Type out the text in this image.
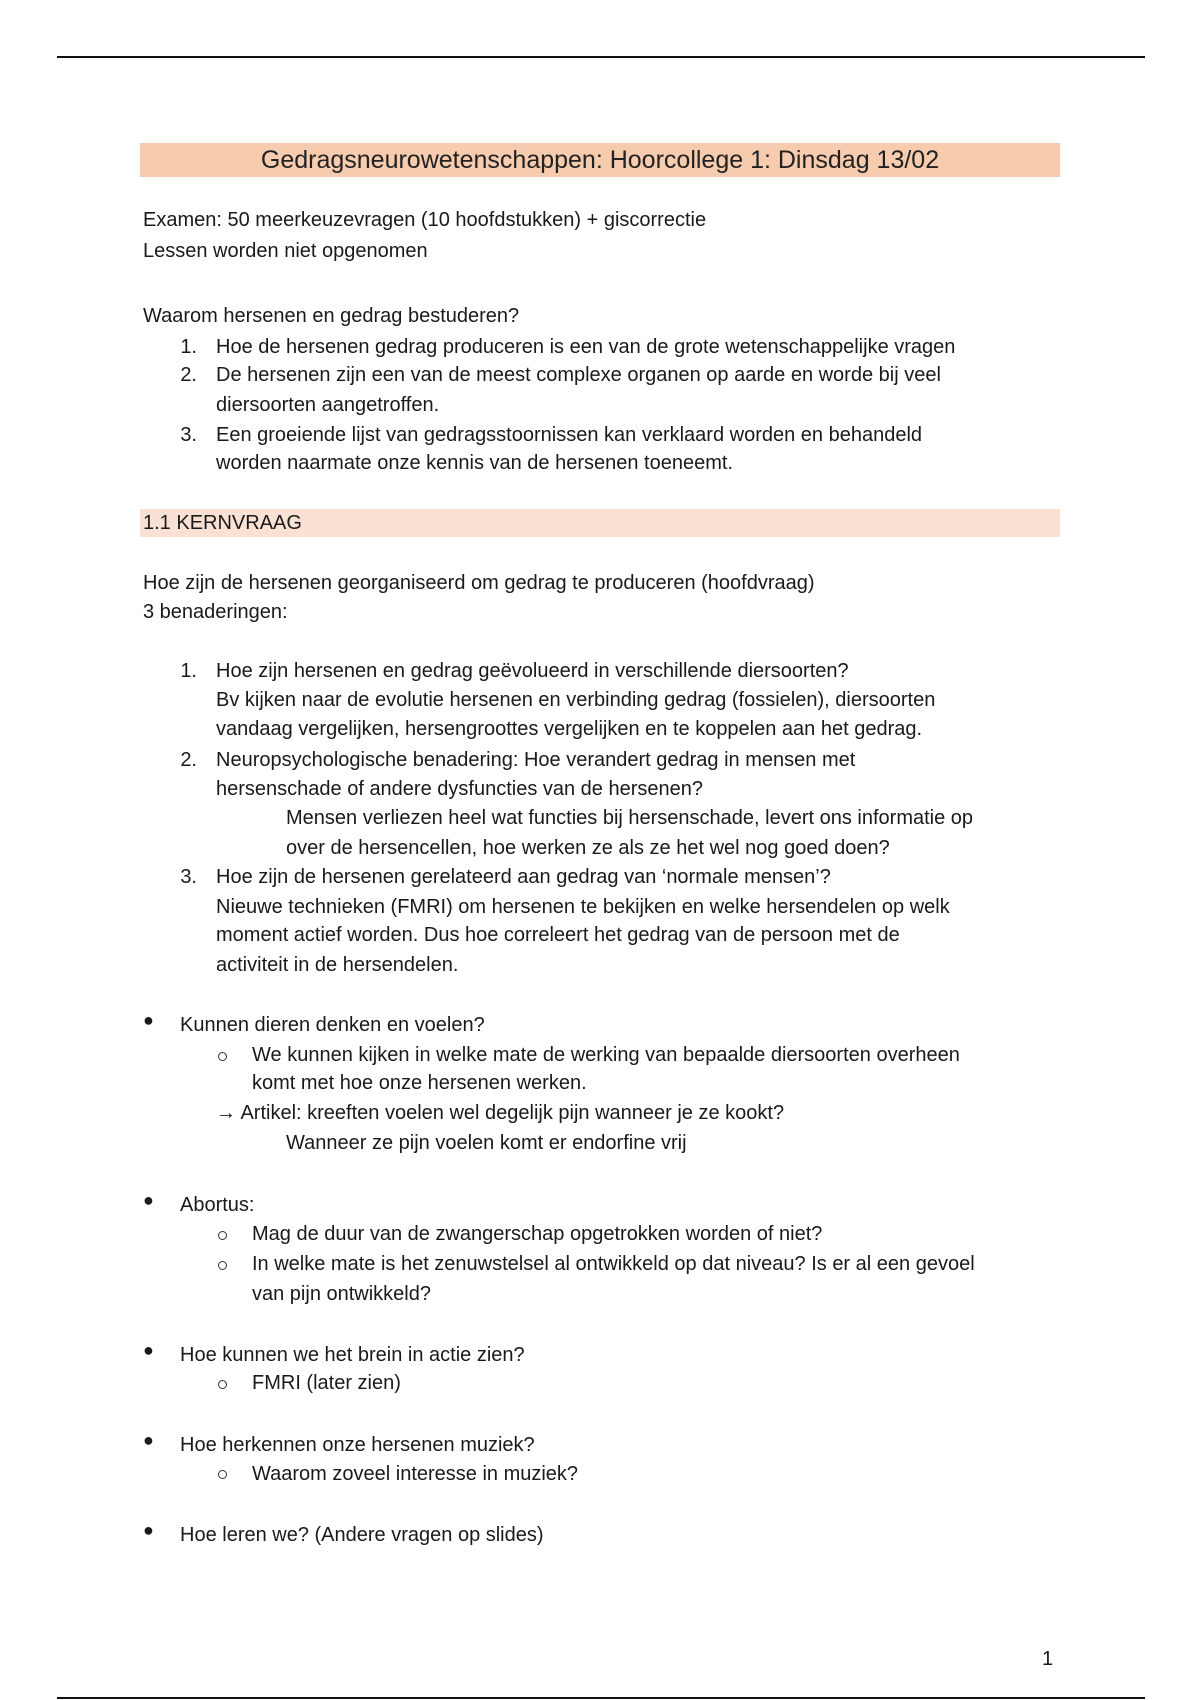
Gedragsneurowetenschappen: Hoorcollege 1: Dinsdag 13/02
Examen: 50 meerkeuzevragen (10 hoofdstukken) + giscorrectie
Lessen worden niet opgenomen
Waarom hersenen en gedrag bestuderen?
1. Hoe de hersenen gedrag produceren is een van de grote wetenschappelijke vragen
2. De hersenen zijn een van de meest complexe organen op aarde en worde bij veel
diersoorten aangetroffen.
3. Een groeiende lijst van gedragsstoornissen kan verklaard worden en behandeld
worden naarmate onze kennis van de hersenen toeneemt.
1.1 KERNVRAAG
Hoe zijn de hersenen georganiseerd om gedrag te produceren (hoofdvraag)
3 benaderingen:
1. Hoe zijn hersenen en gedrag geëvolueerd in verschillende diersoorten?
Bv kijken naar de evolutie hersenen en verbinding gedrag (fossielen), diersoorten
vandaag vergelijken, hersengroottes vergelijken en te koppelen aan het gedrag.
2. Neuropsychologische benadering: Hoe verandert gedrag in mensen met
hersenschade of andere dysfuncties van de hersenen?
Mensen verliezen heel wat functies bij hersenschade, levert ons informatie op
over de hersencellen, hoe werken ze als ze het wel nog goed doen?
3. Hoe zijn de hersenen gerelateerd aan gedrag van ‘normale mensen’?
Nieuwe technieken (FMRI) om hersenen te bekijken en welke hersendelen op welk
moment actief worden. Dus hoe correleert het gedrag van de persoon met de
activiteit in de hersendelen.
● Kunnen dieren denken en voelen?
We kunnen kijken in welke mate de werking van bepaalde diersoorten overheen
komt met hoe onze hersenen werken.
→ Artikel: kreeften voelen wel degelijk pijn wanneer je ze kookt?
Wanneer ze pijn voelen komt er endorfine vrij
● Abortus:
Mag de duur van de zwangerschap opgetrokken worden of niet?
In welke mate is het zenuwstelsel al ontwikkeld op dat niveau? Is er al een gevoel
van pijn ontwikkeld?
● Hoe kunnen we het brein in actie zien?
FMRI (later zien)
● Hoe herkennen onze hersenen muziek?
Waarom zoveel interesse in muziek?
● Hoe leren we? (Andere vragen op slides)
1
